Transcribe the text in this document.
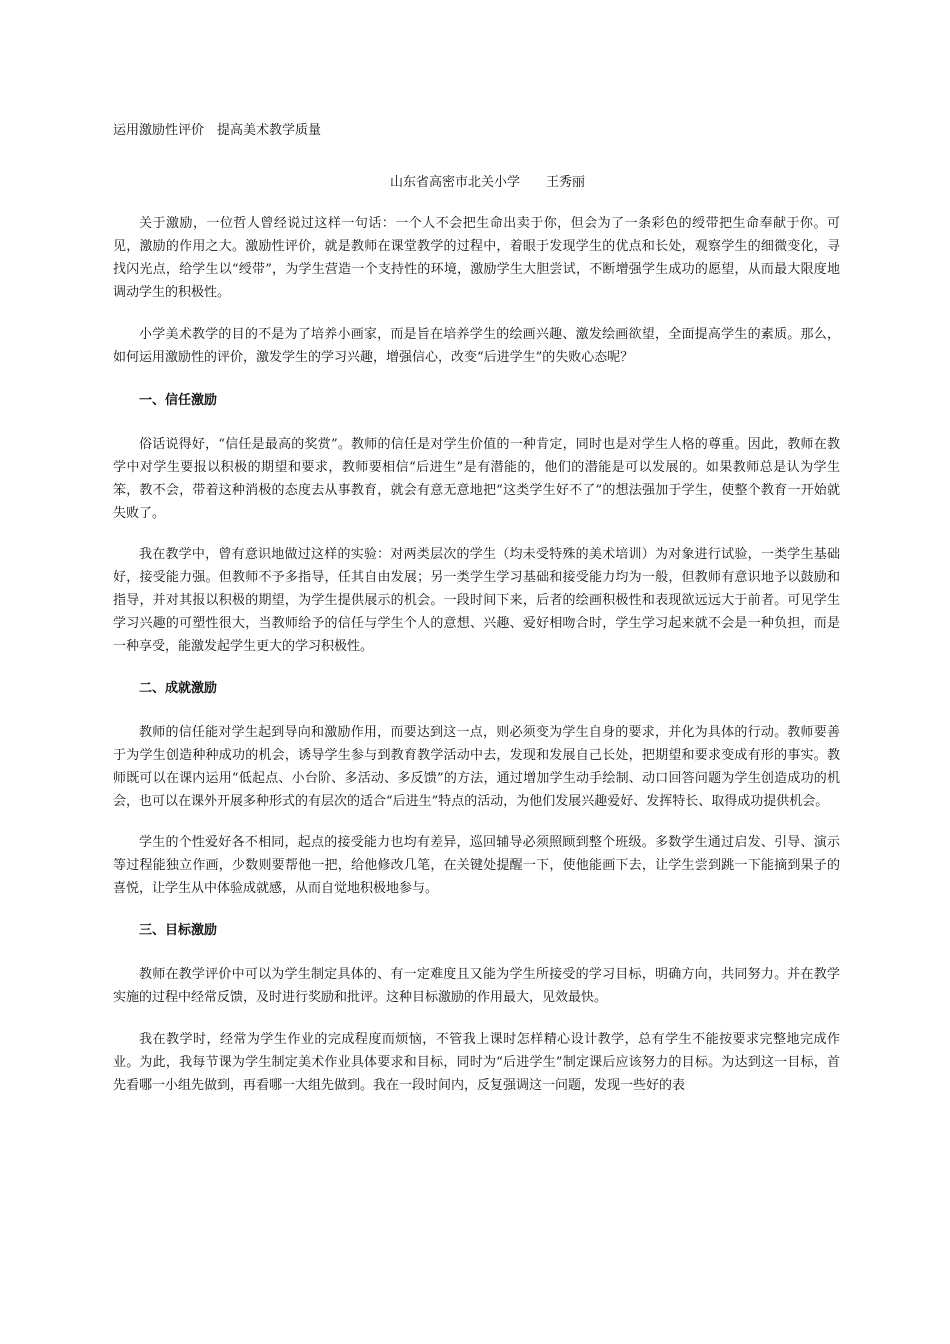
运用激励性评价　提高美术教学质量

山东省高密市北关小学 王秀丽

关于激励，一位哲人曾经说过这样一句话：一个人不会把生命出卖于你，但会为了一条彩色的绶带把生命奉献于你。可见，激励的作用之大。激励性评价，就是教师在课堂教学的过程中，着眼于发现学生的优点和长处，观察学生的细微变化，寻找闪光点，给学生以“绶带”，为学生营造一个支持性的环境，激励学生大胆尝试，不断增强学生成功的愿望，从而最大限度地调动学生的积极性。

小学美术教学的目的不是为了培养小画家，而是旨在培养学生的绘画兴趣、激发绘画欲望，全面提高学生的素质。那么，如何运用激励性的评价，激发学生的学习兴趣，增强信心，改变“后进学生”的失败心态呢？

一、信任激励

俗话说得好，“信任是最高的奖赏”。教师的信任是对学生价值的一种肯定，同时也是对学生人格的尊重。因此，教师在教学中对学生要报以积极的期望和要求，教师要相信“后进生”是有潜能的，他们的潜能是可以发展的。如果教师总是认为学生笨，教不会，带着这种消极的态度去从事教育，就会有意无意地把“这类学生好不了”的想法强加于学生，使整个教育一开始就失败了。

我在教学中，曾有意识地做过这样的实验：对两类层次的学生（均未受特殊的美术培训）为对象进行试验，一类学生基础好，接受能力强。但教师不予多指导，任其自由发展；另一类学生学习基础和接受能力均为一般，但教师有意识地予以鼓励和指导，并对其报以积极的期望，为学生提供展示的机会。一段时间下来，后者的绘画积极性和表现欲远远大于前者。可见学生学习兴趣的可塑性很大，当教师给予的信任与学生个人的意想、兴趣、爱好相吻合时，学生学习起来就不会是一种负担，而是一种享受，能激发起学生更大的学习积极性。

二、成就激励

教师的信任能对学生起到导向和激励作用，而要达到这一点，则必须变为学生自身的要求，并化为具体的行动。教师要善于为学生创造种种成功的机会，诱导学生参与到教育教学活动中去，发现和发展自己长处，把期望和要求变成有形的事实。教师既可以在课内运用“低起点、小台阶、多活动、多反馈”的方法，通过增加学生动手绘制、动口回答问题为学生创造成功的机会，也可以在课外开展多种形式的有层次的适合“后进生”特点的活动，为他们发展兴趣爱好、发挥特长、取得成功提供机会。

学生的个性爱好各不相同，起点的接受能力也均有差异，巡回辅导必须照顾到整个班级。多数学生通过启发、引导、演示等过程能独立作画，少数则要帮他一把，给他修改几笔，在关键处提醒一下，使他能画下去，让学生尝到跳一下能摘到果子的喜悦，让学生从中体验成就感，从而自觉地积极地参与。

三、目标激励

教师在教学评价中可以为学生制定具体的、有一定难度且又能为学生所接受的学习目标，明确方向，共同努力。并在教学实施的过程中经常反馈，及时进行奖励和批评。这种目标激励的作用最大，见效最快。

我在教学时，经常为学生作业的完成程度而烦恼，不管我上课时怎样精心设计教学，总有学生不能按要求完整地完成作业。为此，我每节课为学生制定美术作业具体要求和目标，同时为“后进学生”制定课后应该努力的目标。为达到这一目标，首先看哪一小组先做到，再看哪一大组先做到。我在一段时间内，反复强调这一问题，发现一些好的表
